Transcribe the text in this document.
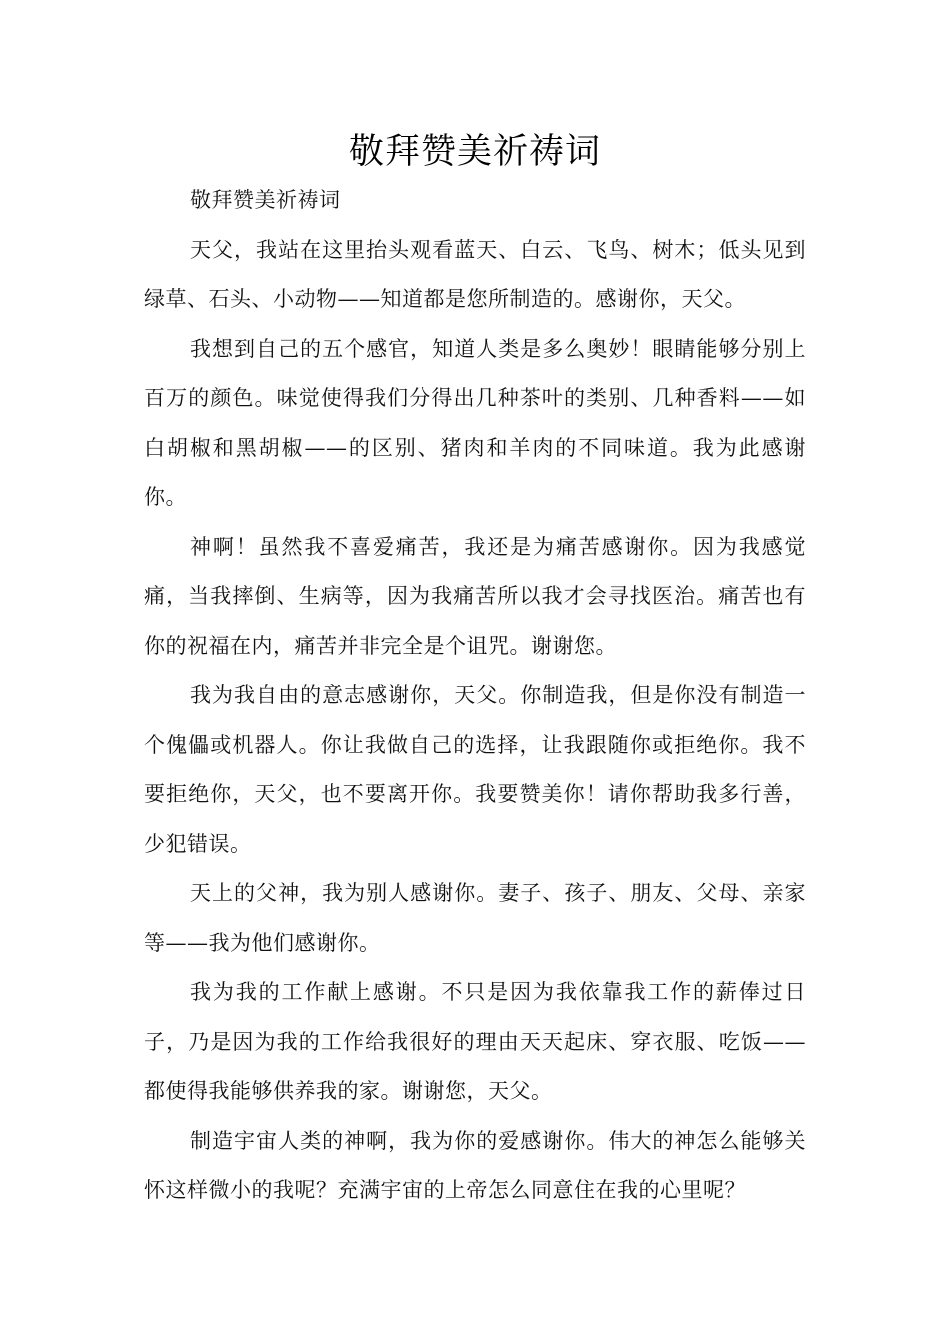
敬拜赞美祈祷词

敬拜赞美祈祷词

天父，我站在这里抬头观看蓝天、白云、飞鸟、树木；低头见到绿草、石头、小动物——知道都是您所制造的。感谢你，天父。

我想到自己的五个感官，知道人类是多么奥妙！眼睛能够分别上百万的颜色。味觉使得我们分得出几种茶叶的类别、几种香料——如白胡椒和黑胡椒——的区别、猪肉和羊肉的不同味道。我为此感谢你。

神啊！虽然我不喜爱痛苦，我还是为痛苦感谢你。因为我感觉痛，当我摔倒、生病等，因为我痛苦所以我才会寻找医治。痛苦也有你的祝福在内，痛苦并非完全是个诅咒。谢谢您。

我为我自由的意志感谢你，天父。你制造我，但是你没有制造一个傀儡或机器人。你让我做自己的选择，让我跟随你或拒绝你。我不要拒绝你，天父，也不要离开你。我要赞美你！请你帮助我多行善，少犯错误。

天上的父神，我为别人感谢你。妻子、孩子、朋友、父母、亲家等——我为他们感谢你。

我为我的工作献上感谢。不只是因为我依靠我工作的薪俸过日子，乃是因为我的工作给我很好的理由天天起床、穿衣服、吃饭——都使得我能够供养我的家。谢谢您，天父。

制造宇宙人类的神啊，我为你的爱感谢你。伟大的神怎么能够关怀这样微小的我呢？充满宇宙的上帝怎么同意住在我的心里呢？
